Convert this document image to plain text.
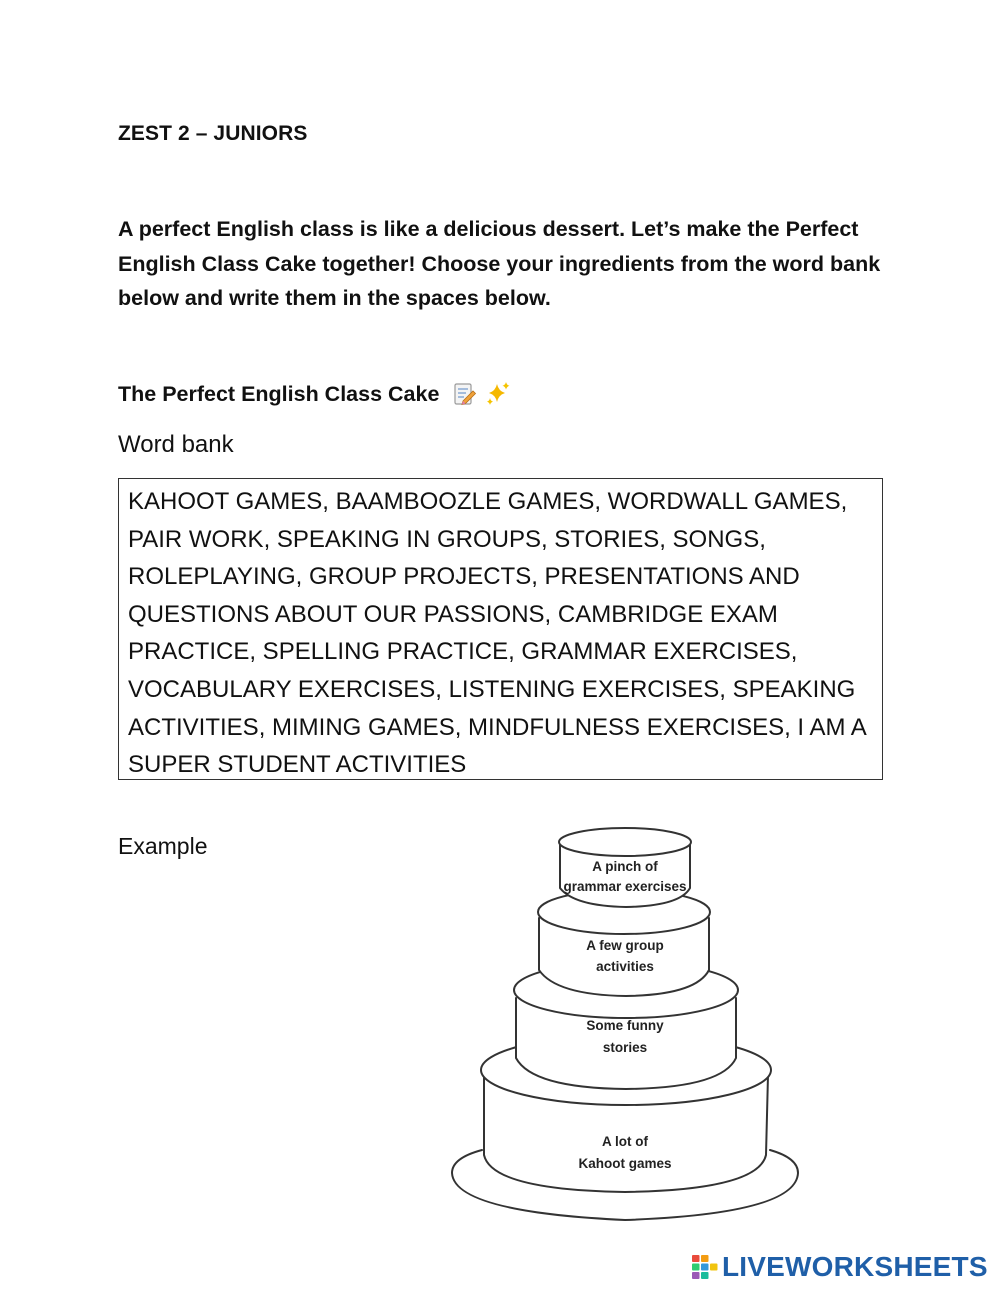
ZEST 2 – JUNIORS
A perfect English class is like a delicious dessert. Let’s make the Perfect English Class Cake together! Choose your ingredients from the word bank below and write them in the spaces below.
The Perfect English Class Cake
Word bank
KAHOOT GAMES, BAAMBOOZLE GAMES, WORDWALL GAMES,
PAIR WORK, SPEAKING IN GROUPS, STORIES, SONGS,
ROLEPLAYING, GROUP PROJECTS, PRESENTATIONS AND
QUESTIONS ABOUT OUR PASSIONS, CAMBRIDGE EXAM
PRACTICE, SPELLING PRACTICE, GRAMMAR EXERCISES,
VOCABULARY EXERCISES, LISTENING EXERCISES, SPEAKING
ACTIVITIES, MIMING GAMES, MINDFULNESS EXERCISES, I AM A
SUPER STUDENT ACTIVITIES
Example
A pinch of
grammar exercises
A few group
activities
Some funny
stories
A lot of
Kahoot games
LIVEWORKSHEETS
